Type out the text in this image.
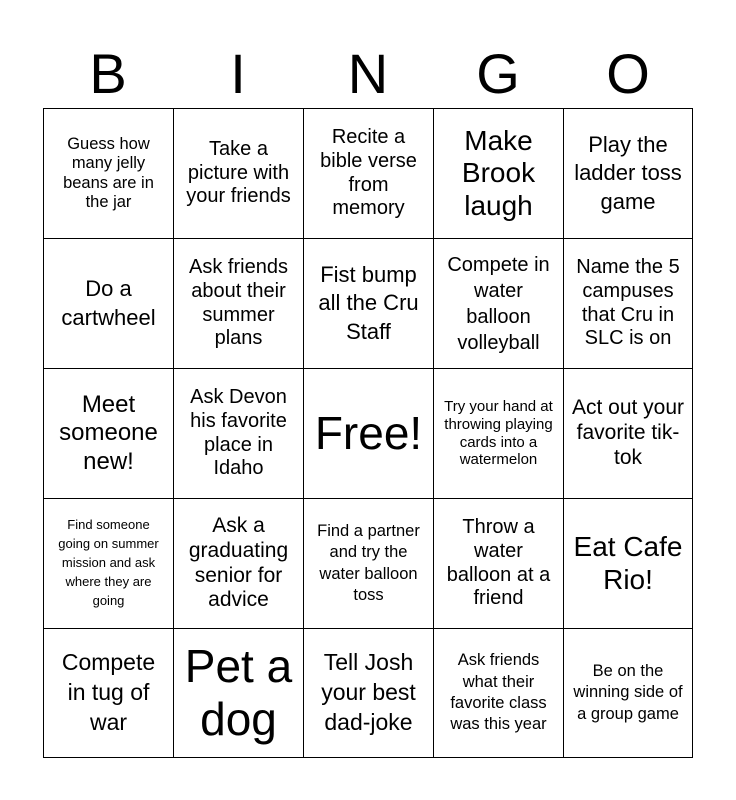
B	I	N	G	O
Guess how many jelly beans are in the jar
Take a picture with your friends
Recite a bible verse from memory
Make Brook laugh
Play the ladder toss game
Do a cartwheel
Ask friends about their summer plans
Fist bump all the Cru Staff
Compete in water balloon volleyball
Name the 5 campuses that Cru in SLC is on
Meet someone new!
Ask Devon his favorite place in Idaho
Free!
Try your hand at throwing playing cards into a watermelon
Act out your favorite tik-tok
Find someone going on summer mission and ask where they are going
Ask a graduating senior for advice
Find a partner and try the water balloon toss
Throw a water balloon at a friend
Eat Cafe Rio!
Compete in tug of war
Pet a dog
Tell Josh your best dad-joke
Ask friends what their favorite class was this year
Be on the winning side of a group game
